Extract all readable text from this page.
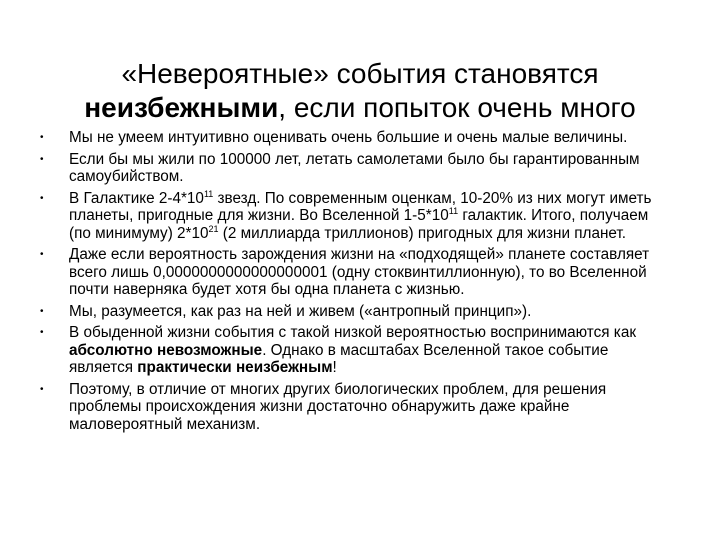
«Невероятные» события становятся
неизбежными, если попыток очень много
• Мы не умеем интуитивно оценивать очень большие и очень малые величины.
• Если бы мы жили по 100000 лет, летать самолетами было бы гарантированным самоубийством.
• В Галактике $2-4*10^{11}$ звезд. По современным оценкам, 10-20% из них могут иметь планеты, пригодные для жизни. Во Вселенной $1-5*10^{11}$ галактик. Итого, получаем (по минимуму) $2*10^{21}$ (2 миллиарда триллионов) пригодных для жизни планет.
• Даже если вероятность зарождения жизни на «подходящей» планете составляет всего лишь 0,0000000000000000001 (одну стоквинтиллионную), то во Вселенной почти наверняка будет хотя бы одна планета с жизнью.
• Мы, разумеется, как раз на ней и живем («антропный принцип»).
• В обыденной жизни события с такой низкой вероятностью воспринимаются как абсолютно невозможные. Однако в масштабах Вселенной такое событие является практически неизбежным!
• Поэтому, в отличие от многих других биологических проблем, для решения проблемы происхождения жизни достаточно обнаружить даже крайне маловероятный механизм.
